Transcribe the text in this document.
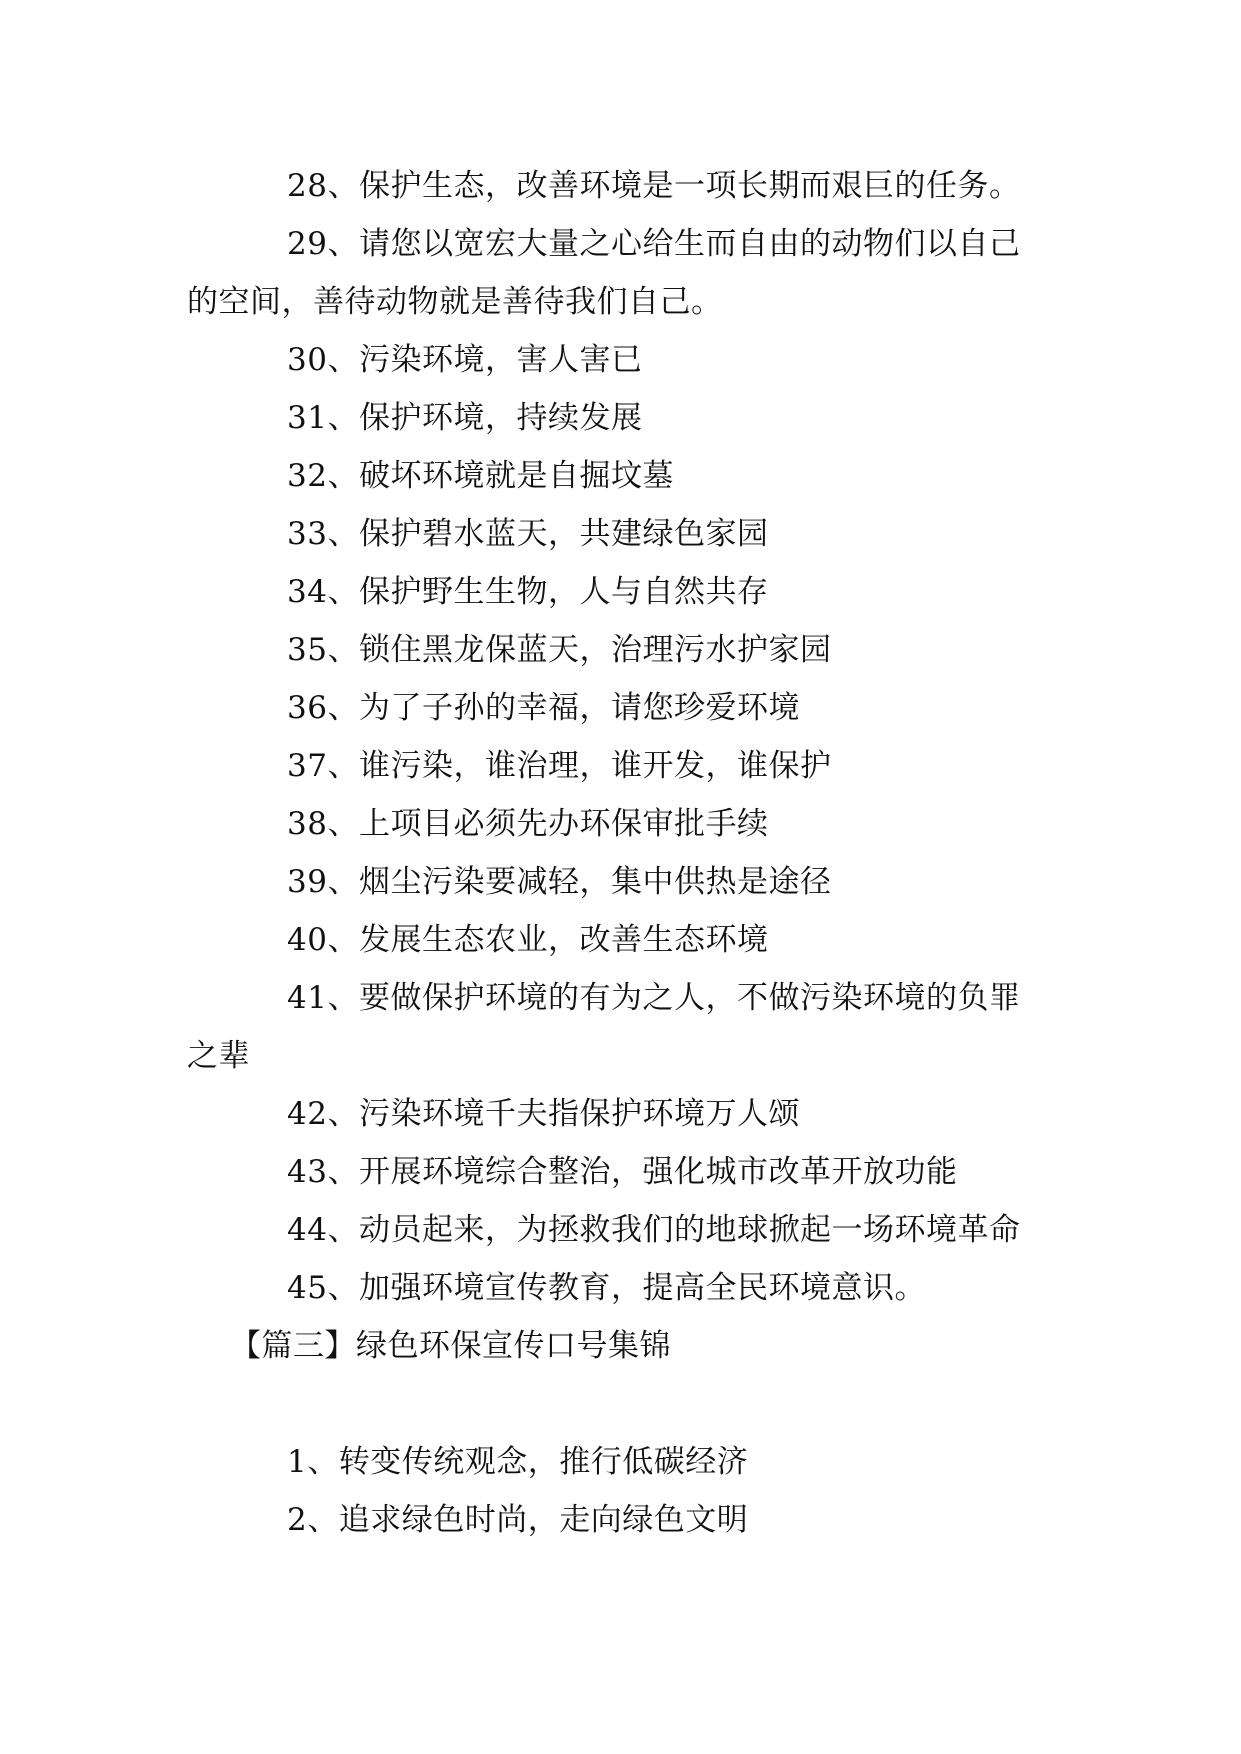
28、保护生态，改善环境是一项长期而艰巨的任务。
29、请您以宽宏大量之心给生而自由的动物们以自己
的空间，善待动物就是善待我们自己。
30、污染环境，害人害已
31、保护环境，持续发展
32、破坏环境就是自掘坟墓
33、保护碧水蓝天，共建绿色家园
34、保护野生生物，人与自然共存
35、锁住黑龙保蓝天，治理污水护家园
36、为了子孙的幸福，请您珍爱环境
37、谁污染，谁治理，谁开发，谁保护
38、上项目必须先办环保审批手续
39、烟尘污染要减轻，集中供热是途径
40、发展生态农业，改善生态环境
41、要做保护环境的有为之人，不做污染环境的负罪
之辈
42、污染环境千夫指保护环境万人颂
43、开展环境综合整治，强化城市改革开放功能
44、动员起来，为拯救我们的地球掀起一场环境革命
45、加强环境宣传教育，提高全民环境意识。
【篇三】绿色环保宣传口号集锦
1、转变传统观念，推行低碳经济
2、追求绿色时尚，走向绿色文明
